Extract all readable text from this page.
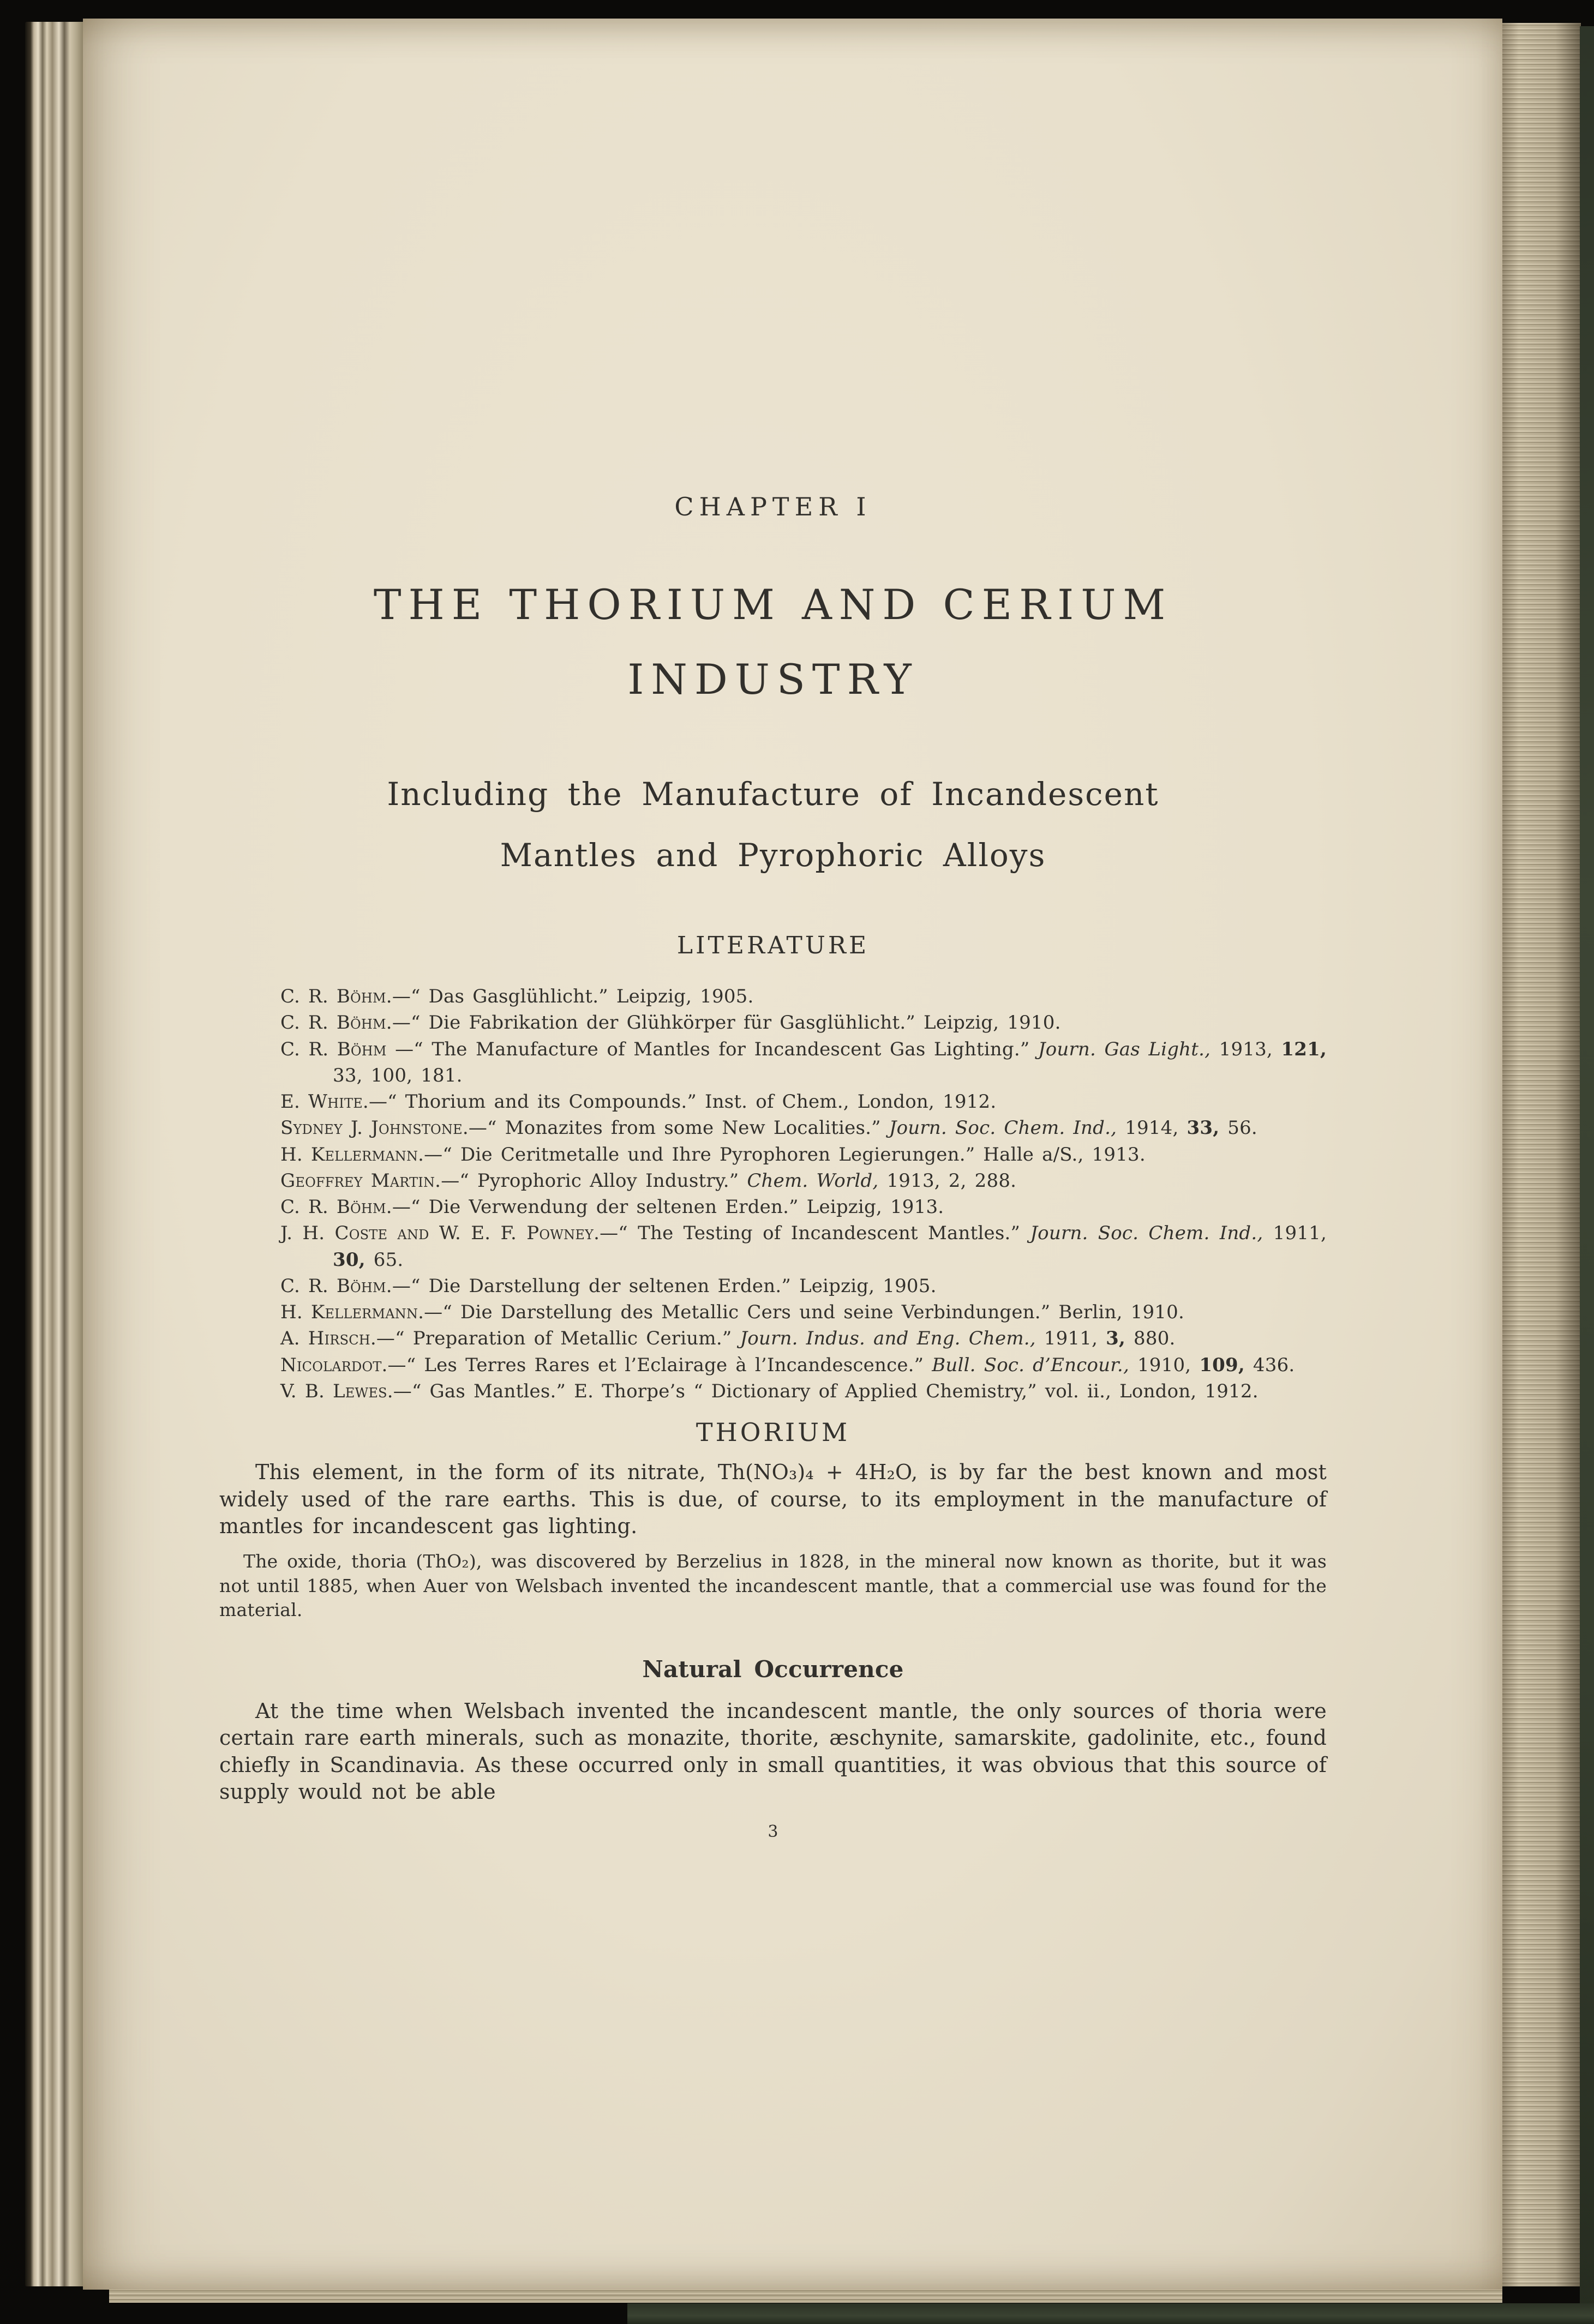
CHAPTER I
THE THORIUM AND CERIUM
INDUSTRY
Including the Manufacture of Incandescent
Mantles and Pyrophoric Alloys
LITERATURE
C. R. Böhm.—“ Das Gasglühlicht.” Leipzig, 1905.
C. R. Böhm.—“ Die Fabrikation der Glühkörper für Gasglühlicht.” Leipzig, 1910.
C. R. Böhm —“ The Manufacture of Mantles for Incandescent Gas Lighting.” Journ. Gas Light., 1913, 121, 33, 100, 181.
E. White.—“ Thorium and its Compounds.” Inst. of Chem., London, 1912.
Sydney J. Johnstone.—“ Monazites from some New Localities.” Journ. Soc. Chem. Ind., 1914, 33, 56.
H. Kellermann.—“ Die Ceritmetalle und Ihre Pyrophoren Legierungen.” Halle a/S., 1913.
Geoffrey Martin.—“ Pyrophoric Alloy Industry.” Chem. World, 1913, 2, 288.
C. R. Böhm.—“ Die Verwendung der seltenen Erden.” Leipzig, 1913.
J. H. Coste and W. E. F. Powney.—“ The Testing of Incandescent Mantles.” Journ. Soc. Chem. Ind., 1911, 30, 65.
C. R. Böhm.—“ Die Darstellung der seltenen Erden.” Leipzig, 1905.
H. Kellermann.—“ Die Darstellung des Metallic Cers und seine Verbindungen.” Berlin, 1910.
A. Hirsch.—“ Preparation of Metallic Cerium.” Journ. Indus. and Eng. Chem., 1911, 3, 880.
Nicolardot.—“ Les Terres Rares et l’Eclairage à l’Incandescence.” Bull. Soc. d’Encour., 1910, 109, 436.
V. B. Lewes.—“ Gas Mantles.” E. Thorpe’s “ Dictionary of Applied Chemistry,” vol. ii., London, 1912.
THORIUM

This element, in the form of its nitrate, Th(NO₃)₄ + 4H₂O, is by far the best known and most widely used of the rare earths. This is due, of course, to its employment in the manufacture of mantles for incandescent gas lighting.

The oxide, thoria (ThO₂), was discovered by Berzelius in 1828, in the mineral now known as thorite, but it was not until 1885, when Auer von Welsbach invented the incandescent mantle, that a commercial use was found for the material.

Natural Occurrence

At the time when Welsbach invented the incandescent mantle, the only sources of thoria were certain rare earth minerals, such as monazite, thorite, æschynite, samarskite, gadolinite, etc., found chiefly in Scandinavia. As these occurred only in small quantities, it was obvious that this source of supply would not be able

3
